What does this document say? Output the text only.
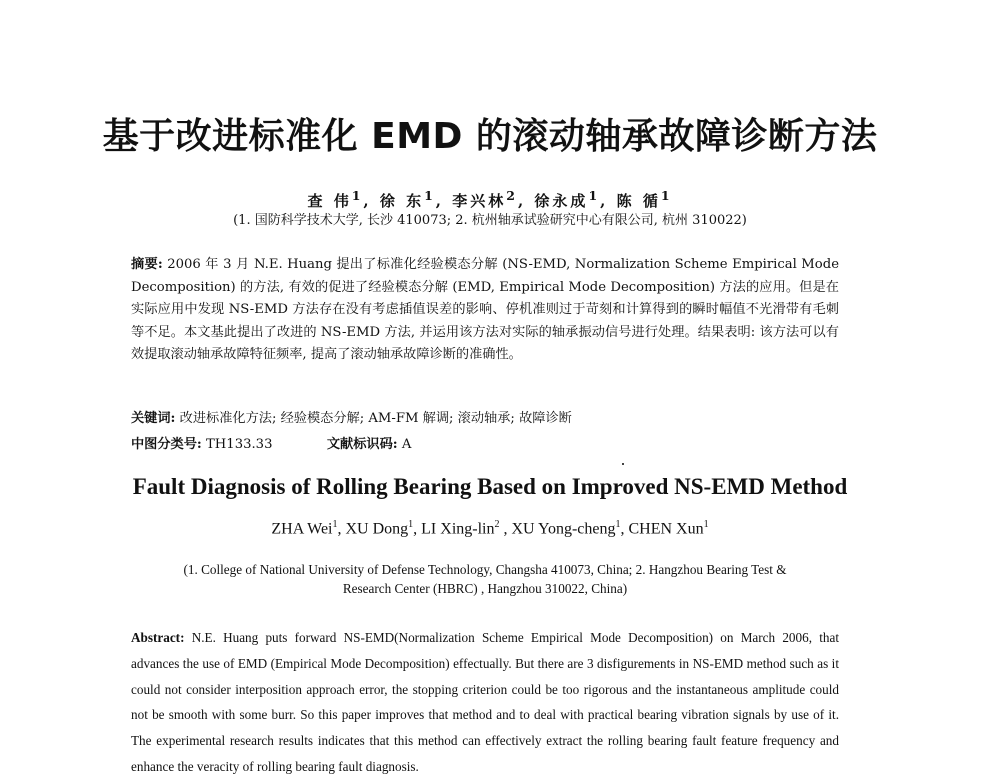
基于改进标准化 EMD 的滚动轴承故障诊断方法
查 伟$^1$, 徐 东$^1$, 李兴林$^2$, 徐永成$^1$, 陈 循$^1$
(1. 国防科学技术大学, 长沙 410073; 2. 杭州轴承试验研究中心有限公司, 杭州 310022)
摘要: 2006 年 3 月 N.E. Huang 提出了标准化经验模态分解 (NS-EMD, Normalization Scheme Empirical Mode Decomposition) 的方法, 有效的促进了经验模态分解 (EMD, Empirical Mode Decomposition) 方法的应用。但是在实际应用中发现 NS-EMD 方法存在没有考虑插值误差的影响、停机准则过于苛刻和计算得到的瞬时幅值不光滑带有毛刺等不足。本文基此提出了改进的 NS-EMD 方法, 并运用该方法对实际的轴承振动信号进行处理。结果表明: 该方法可以有效提取滚动轴承故障特征频率, 提高了滚动轴承故障诊断的准确性。
关键词: 改进标准化方法; 经验模态分解; AM-FM 解调; 滚动轴承; 故障诊断
中图分类号: TH133.33	文献标识码: A
Fault Diagnosis of Rolling Bearing Based on Improved NS-EMD Method
ZHA Wei$^1$, XU Dong$^1$, LI Xing-lin$^2$ , XU Yong-cheng$^1$, CHEN Xun$^1$
(1. College of National University of Defense Technology, Changsha 410073, China; 2. Hangzhou Bearing Test &
Research Center (HBRC) , Hangzhou 310022, China)
Abstract: N.E. Huang puts forward NS-EMD(Normalization Scheme Empirical Mode Decomposition) on March 2006, that advances the use of EMD (Empirical Mode Decomposition) effectually. But there are 3 disfigurements in NS-EMD method such as it could not consider interposition approach error, the stopping criterion could be too rigorous and the instantaneous amplitude could not be smooth with some burr. So this paper improves that method and to deal with practical bearing vibration signals by use of it. The experimental research results indicates that this method can effectively extract the rolling bearing fault feature frequency and enhance the veracity of rolling bearing fault diagnosis.
